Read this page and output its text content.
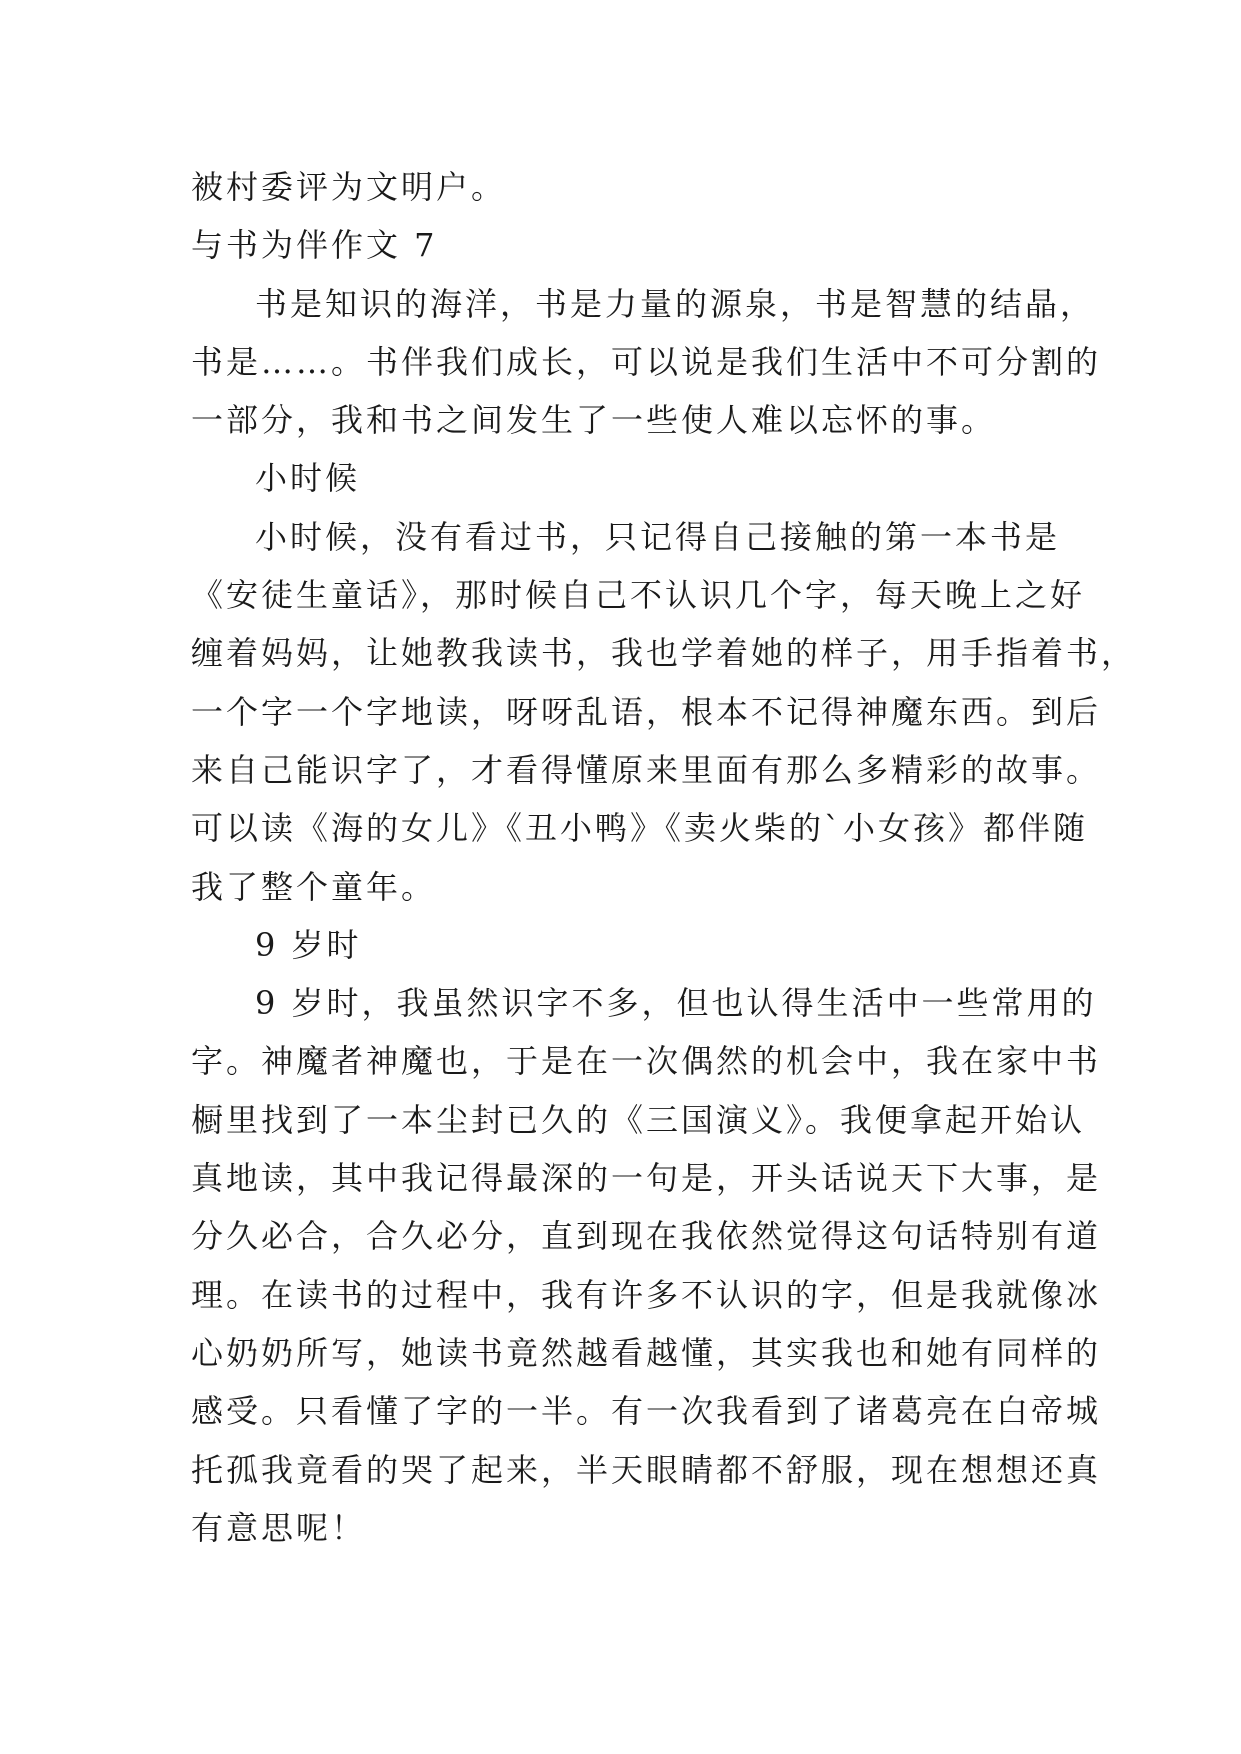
被村委评为文明户。
与书为伴作文 7
书是知识的海洋，书是力量的源泉，书是智慧的结晶，
书是……。书伴我们成长，可以说是我们生活中不可分割的
一部分，我和书之间发生了一些使人难以忘怀的事。
小时候
小时候，没有看过书，只记得自己接触的第一本书是
《安徒生童话》，那时候自己不认识几个字，每天晚上之好
缠着妈妈，让她教我读书，我也学着她的样子，用手指着书，
一个字一个字地读，呀呀乱语，根本不记得神魔东西。到后
来自己能识字了，才看得懂原来里面有那么多精彩的故事。
可以读《海的女儿》《丑小鸭》《卖火柴的`小女孩》都伴随
我了整个童年。
9 岁时
9 岁时，我虽然识字不多，但也认得生活中一些常用的
字。神魔者神魔也，于是在一次偶然的机会中，我在家中书
橱里找到了一本尘封已久的《三国演义》。我便拿起开始认
真地读，其中我记得最深的一句是，开头话说天下大事，是
分久必合，合久必分，直到现在我依然觉得这句话特别有道
理。在读书的过程中，我有许多不认识的字，但是我就像冰
心奶奶所写，她读书竟然越看越懂，其实我也和她有同样的
感受。只看懂了字的一半。有一次我看到了诸葛亮在白帝城
托孤我竟看的哭了起来，半天眼睛都不舒服，现在想想还真
有意思呢！
